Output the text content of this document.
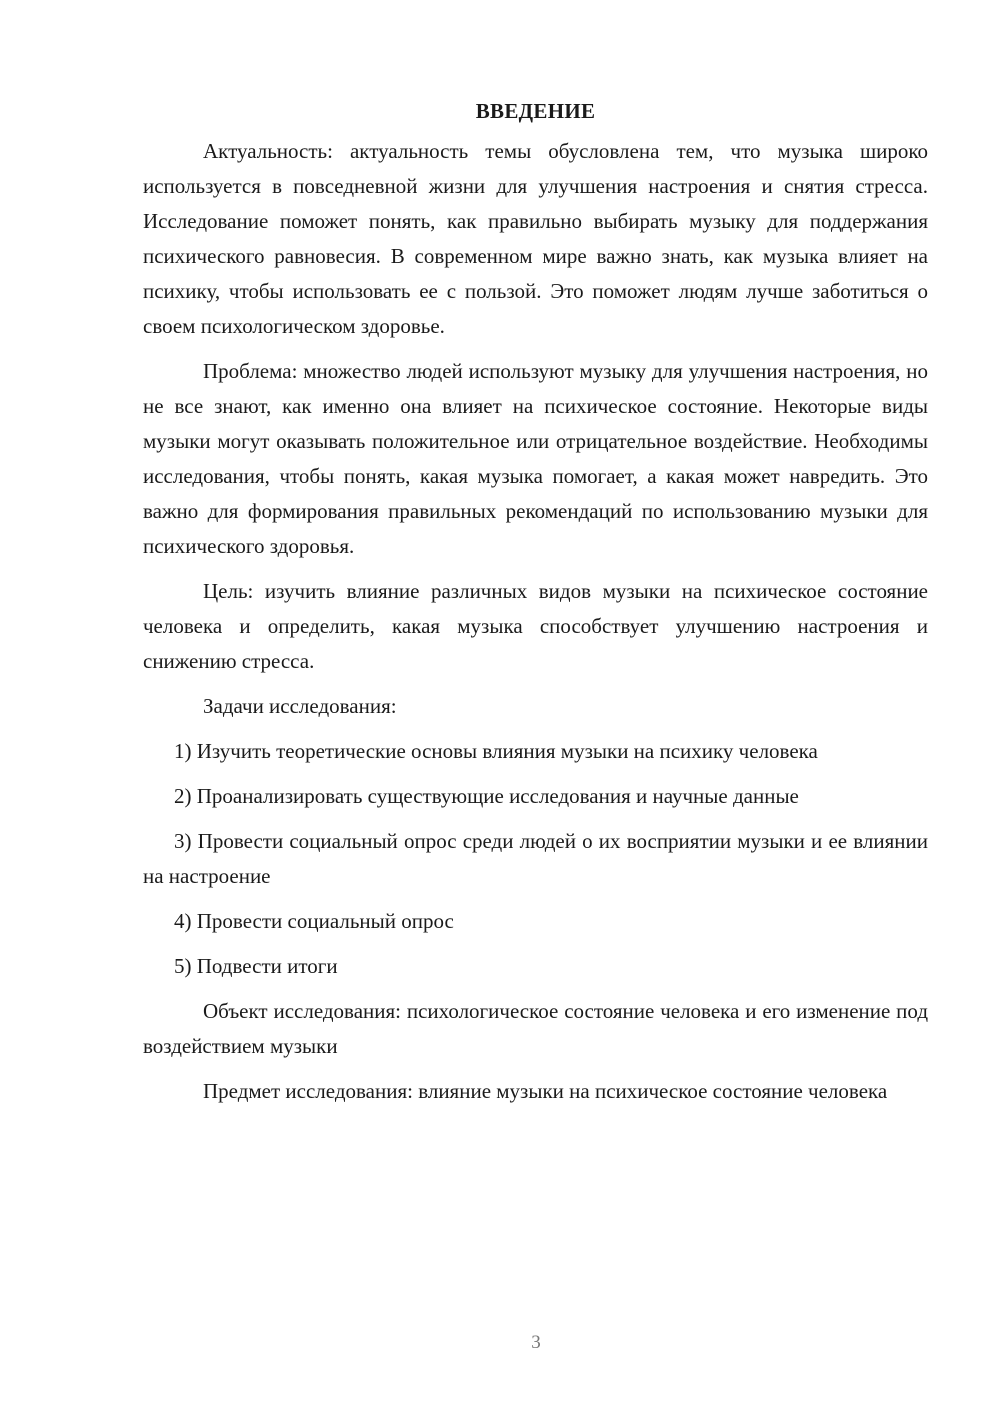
ВВЕДЕНИЕ

Актуальность: актуальность темы обусловлена тем, что музыка широко используется в повседневной жизни для улучшения настроения и снятия стресса. Исследование поможет понять, как правильно выбирать музыку для поддержания психического равновесия. В современном мире важно знать, как музыка влияет на психику, чтобы использовать ее с пользой. Это поможет людям лучше заботиться о своем психологическом здоровье.

Проблема: множество людей используют музыку для улучшения настроения, но не все знают, как именно она влияет на психическое состояние. Некоторые виды музыки могут оказывать положительное или отрицательное воздействие. Необходимы исследования, чтобы понять, какая музыка помогает, а какая может навредить. Это важно для формирования правильных рекомендаций по использованию музыки для психического здоровья.

Цель: изучить влияние различных видов музыки на психическое состояние человека и определить, какая музыка способствует улучшению настроения и снижению стресса.

Задачи исследования:

1) Изучить теоретические основы влияния музыки на психику человека

2) Проанализировать существующие исследования и научные данные

3) Провести социальный опрос среди людей о их восприятии музыки и ее влиянии на настроение

4) Провести социальный опрос

5) Подвести итоги

Объект исследования: психологическое состояние человека и его изменение под воздействием музыки

Предмет исследования: влияние музыки на психическое состояние человека

3
